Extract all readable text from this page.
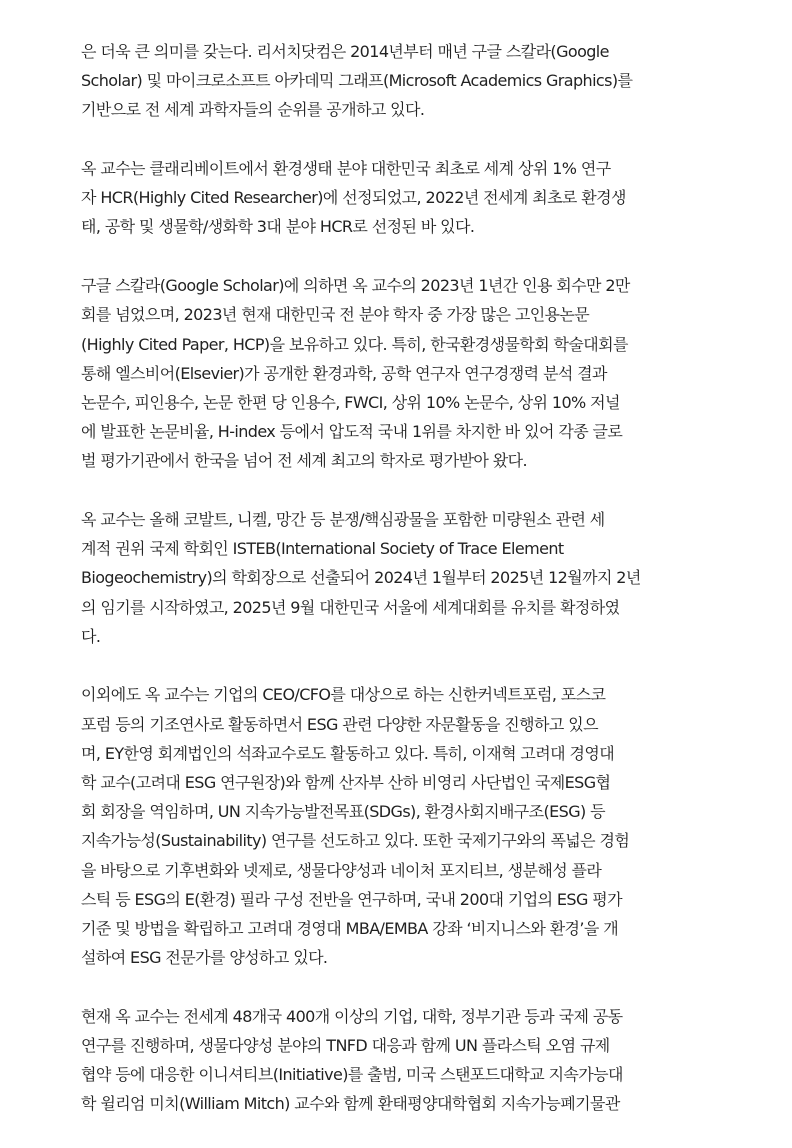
은 더욱 큰 의미를 갖는다. 리서치닷컴은 2014년부터 매년 구글 스칼라(Google
Scholar) 및 마이크로소프트 아카데믹 그래프(Microsoft Academics Graphics)를
기반으로 전 세계 과학자들의 순위를 공개하고 있다.

옥 교수는 클래리베이트에서 환경생태 분야 대한민국 최초로 세계 상위 1% 연구
자 HCR(Highly Cited Researcher)에 선정되었고, 2022년 전세계 최초로 환경생
태, 공학 및 생물학/생화학 3대 분야 HCR로 선정된 바 있다.

구글 스칼라(Google Scholar)에 의하면 옥 교수의 2023년 1년간 인용 회수만 2만
회를 넘었으며, 2023년 현재 대한민국 전 분야 학자 중 가장 많은 고인용논문
(Highly Cited Paper, HCP)을 보유하고 있다. 특히, 한국환경생물학회 학술대회를
통해 엘스비어(Elsevier)가 공개한 환경과학, 공학 연구자 연구경쟁력 분석 결과
논문수, 피인용수, 논문 한편 당 인용수, FWCI, 상위 10% 논문수, 상위 10% 저널
에 발표한 논문비율, H-index 등에서 압도적 국내 1위를 차지한 바 있어 각종 글로
벌 평가기관에서 한국을 넘어 전 세계 최고의 학자로 평가받아 왔다.

옥 교수는 올해 코발트, 니켈, 망간 등 분쟁/핵심광물을 포함한 미량원소 관련 세
계적 권위 국제 학회인 ISTEB(International Society of Trace Element
Biogeochemistry)의 학회장으로 선출되어 2024년 1월부터 2025년 12월까지 2년
의 임기를 시작하였고, 2025년 9월 대한민국 서울에 세계대회를 유치를 확정하였
다.

이외에도 옥 교수는 기업의 CEO/CFO를 대상으로 하는 신한커넥트포럼, 포스코
포럼 등의 기조연사로 활동하면서 ESG 관련 다양한 자문활동을 진행하고 있으
며, EY한영 회계법인의 석좌교수로도 활동하고 있다. 특히, 이재혁 고려대 경영대
학 교수(고려대 ESG 연구원장)와 함께 산자부 산하 비영리 사단법인 국제ESG협
회 회장을 역임하며, UN 지속가능발전목표(SDGs), 환경사회지배구조(ESG) 등
지속가능성(Sustainability) 연구를 선도하고 있다. 또한 국제기구와의 폭넓은 경험
을 바탕으로 기후변화와 넷제로, 생물다양성과 네이처 포지티브, 생분해성 플라
스틱 등 ESG의 E(환경) 필라 구성 전반을 연구하며, 국내 200대 기업의 ESG 평가
기준 및 방법을 확립하고 고려대 경영대 MBA/EMBA 강좌 ‘비지니스와 환경’을 개
설하여 ESG 전문가를 양성하고 있다.

현재 옥 교수는 전세계 48개국 400개 이상의 기업, 대학, 정부기관 등과 국제 공동
연구를 진행하며, 생물다양성 분야의 TNFD 대응과 함께 UN 플라스틱 오염 규제
협약 등에 대응한 이니셔티브(Initiative)를 출범, 미국 스탠포드대학교 지속가능대
학 윌리엄 미치(William Mitch) 교수와 함께 환태평양대학협회 지속가능폐기물관
